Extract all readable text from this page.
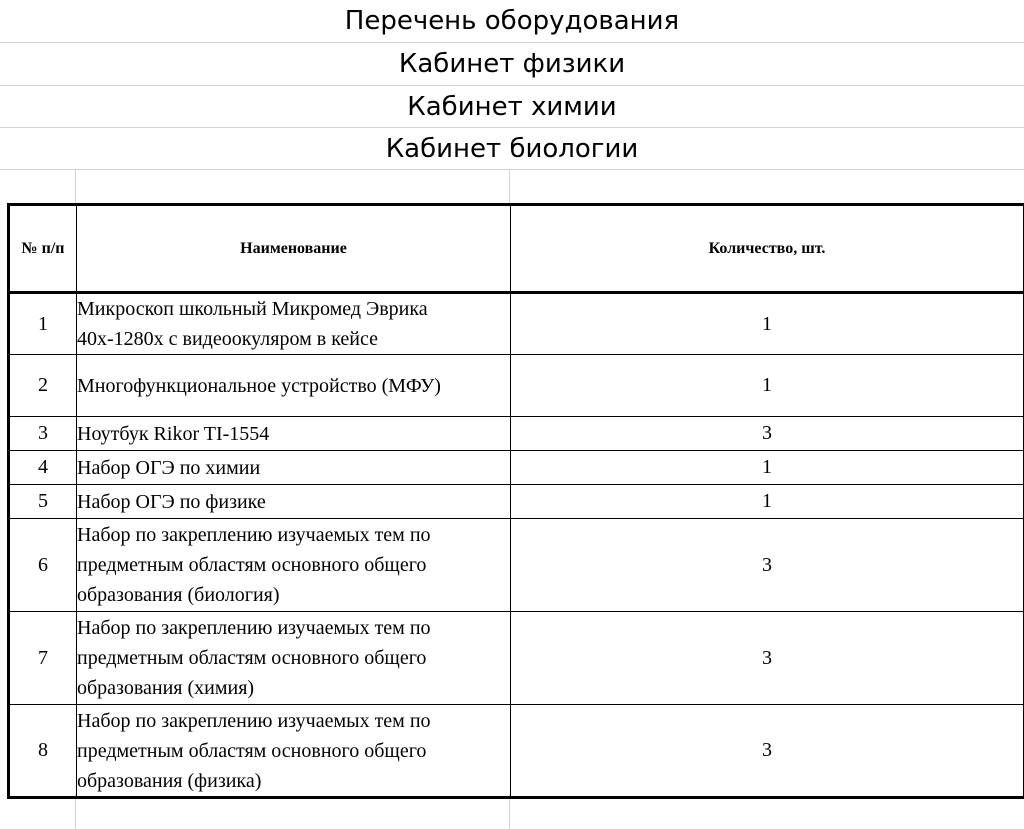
Перечень оборудования
Кабинет физики
Кабинет химии
Кабинет биологии
№ п/п	Наименование	Количество, шт.
1	Микроскоп школьный Микромед Эврика 40х-1280х с видеоокуляром в кейсе	1
2	Многофункциональное устройство (МФУ)	1
3	Ноутбук Rikor TI-1554	3
4	Набор ОГЭ по химии	1
5	Набор ОГЭ по физике	1
6	Набор по закреплению изучаемых тем по предметным областям основного общего образования (биология)	3
7	Набор по закреплению изучаемых тем по предметным областям основного общего образования (химия)	3
8	Набор по закреплению изучаемых тем по предметным областям основного общего образования (физика)	3
